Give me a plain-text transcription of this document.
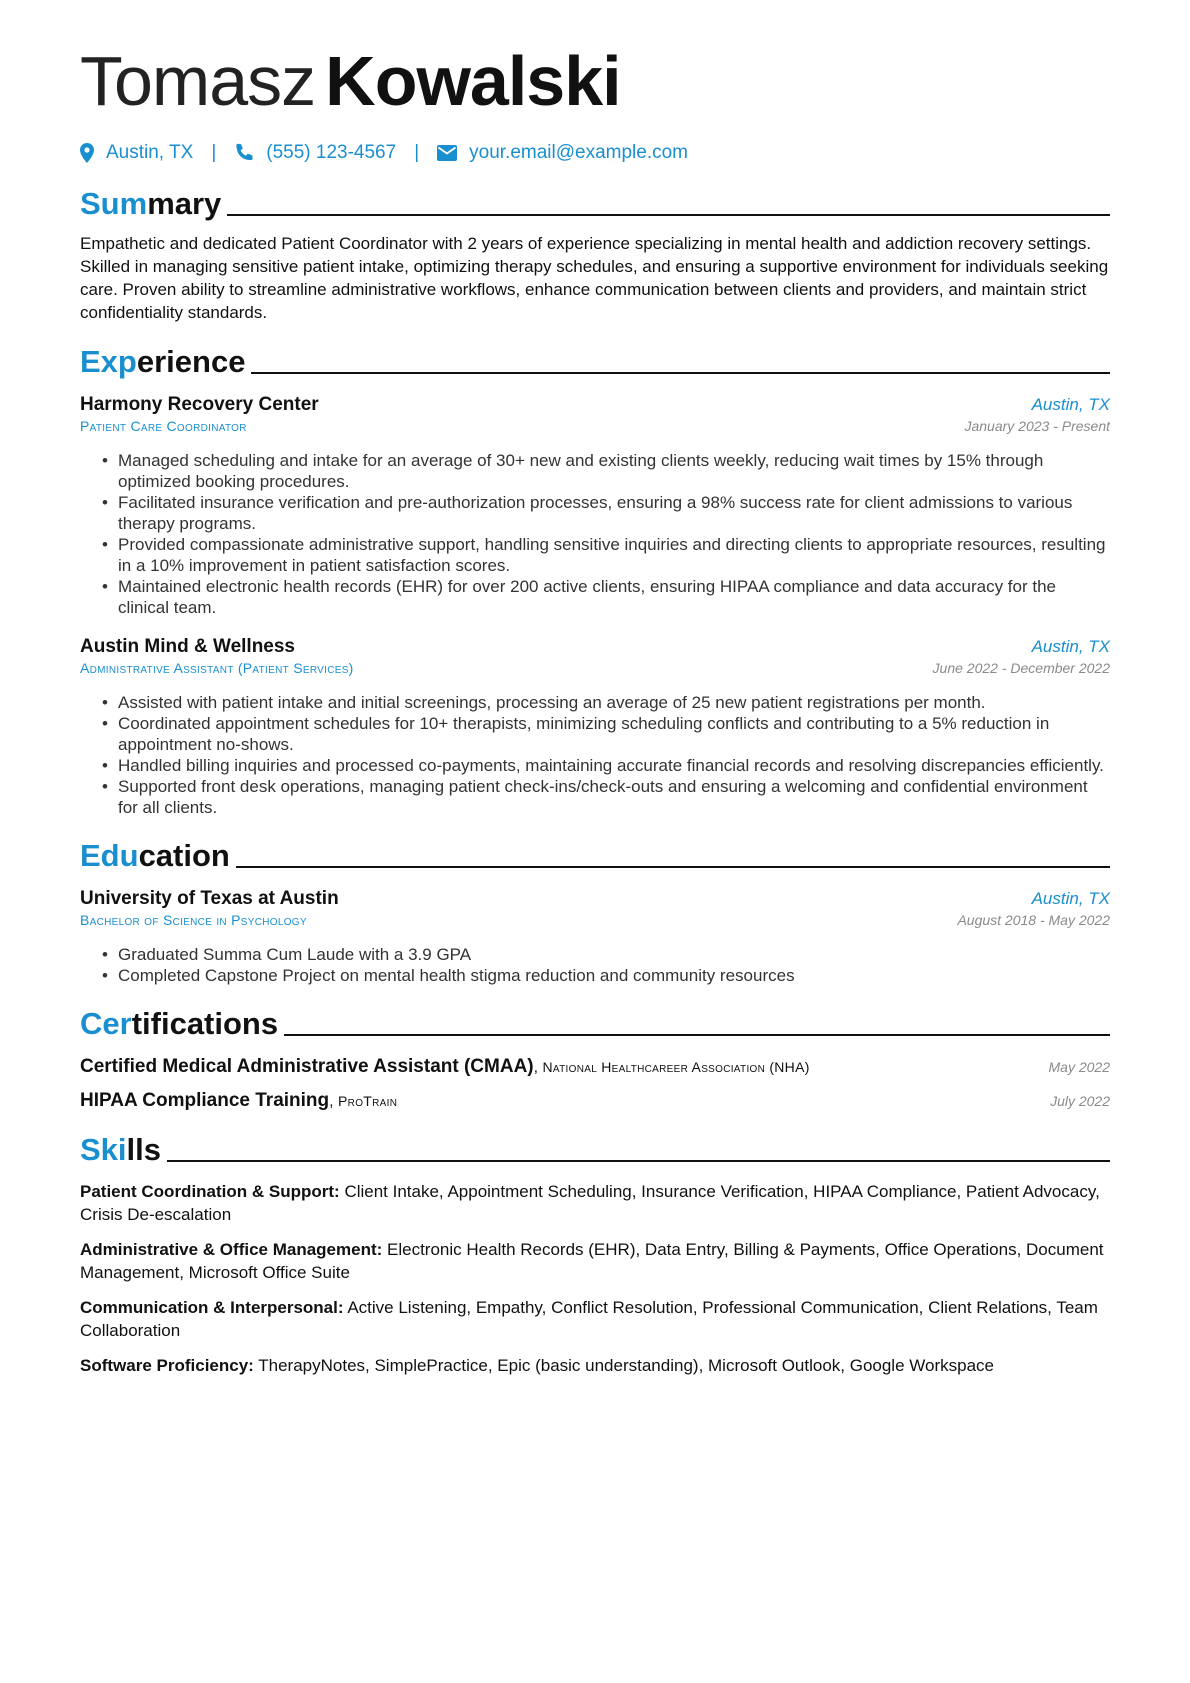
Tomasz Kowalski
Austin, TX |	(555) 123-4567 |	your.email@example.com
Summary

Empathetic and dedicated Patient Coordinator with 2 years of experience specializing in mental health and addiction recovery settings. Skilled in managing sensitive patient intake, optimizing therapy schedules, and ensuring a supportive environment for individuals seeking care. Proven ability to streamline administrative workflows, enhance communication between clients and providers, and maintain strict confidentiality standards.

Experience
Harmony Recovery Center	Austin, TX
Patient Care Coordinator	January 2023 - Present
• Managed scheduling and intake for an average of 30+ new and existing clients weekly, reducing wait times by 15% through optimized booking procedures.
• Facilitated insurance verification and pre-authorization processes, ensuring a 98% success rate for client admissions to various therapy programs.
• Provided compassionate administrative support, handling sensitive inquiries and directing clients to appropriate resources, resulting in a 10% improvement in patient satisfaction scores.
• Maintained electronic health records (EHR) for over 200 active clients, ensuring HIPAA compliance and data accuracy for the clinical team.
Austin Mind & Wellness	Austin, TX
Administrative Assistant (Patient Services)	June 2022 - December 2022
• Assisted with patient intake and initial screenings, processing an average of 25 new patient registrations per month.
• Coordinated appointment schedules for 10+ therapists, minimizing scheduling conflicts and contributing to a 5% reduction in appointment no-shows.
• Handled billing inquiries and processed co-payments, maintaining accurate financial records and resolving discrepancies efficiently.
• Supported front desk operations, managing patient check-ins/check-outs and ensuring a welcoming and confidential environment for all clients.
Education
University of Texas at Austin	Austin, TX
Bachelor of Science in Psychology	August 2018 - May 2022
• Graduated Summa Cum Laude with a 3.9 GPA
• Completed Capstone Project on mental health stigma reduction and community resources
Certifications
Certified Medical Administrative Assistant (CMAA), National Healthcareer Association (NHA)	May 2022
HIPAA Compliance Training, ProTrain	July 2022
Skills
Patient Coordination & Support: Client Intake, Appointment Scheduling, Insurance Verification, HIPAA Compliance, Patient Advocacy, Crisis De-escalation
Administrative & Office Management: Electronic Health Records (EHR), Data Entry, Billing & Payments, Office Operations, Document Management, Microsoft Office Suite
Communication & Interpersonal: Active Listening, Empathy, Conflict Resolution, Professional Communication, Client Relations, Team Collaboration
Software Proficiency: TherapyNotes, SimplePractice, Epic (basic understanding), Microsoft Outlook, Google Workspace
